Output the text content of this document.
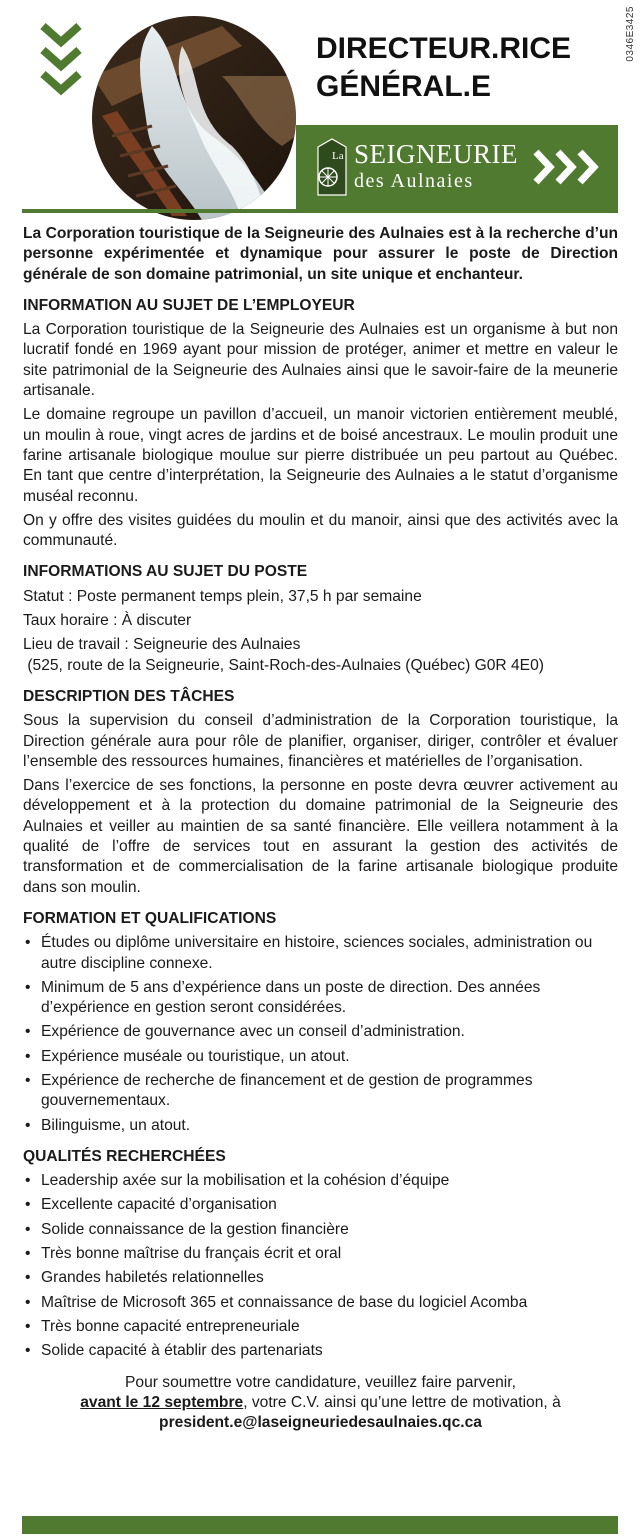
0346E3425
DIRECTEUR.RICE
GÉNÉRAL.E
La SEIGNEURIE
des Aulnaies

La Corporation touristique de la Seigneurie des Aulnaies est à la recherche d’un personne expérimentée et dynamique pour assurer le poste de Direction générale de son domaine patrimonial, un site unique et enchanteur.

INFORMATION AU SUJET DE L’EMPLOYEUR

La Corporation touristique de la Seigneurie des Aulnaies est un organisme à but non lucratif fondé en 1969 ayant pour mission de protéger, animer et mettre en valeur le site patrimonial de la Seigneurie des Aulnaies ainsi que le savoir-faire de la meunerie artisanale.

Le domaine regroupe un pavillon d’accueil, un manoir victorien entièrement meublé, un moulin à roue, vingt acres de jardins et de boisé ancestraux. Le moulin produit une farine artisanale biologique moulue sur pierre distribuée un peu partout au Québec. En tant que centre d’interprétation, la Seigneurie des Aulnaies a le statut d’organisme muséal reconnu.

On y offre des visites guidées du moulin et du manoir, ainsi que des activités avec la communauté.

INFORMATIONS AU SUJET DU POSTE
Statut : Poste permanent temps plein, 37,5 h par semaine
Taux horaire : À discuter
Lieu de travail : Seigneurie des Aulnaies
(525, route de la Seigneurie, Saint-Roch-des-Aulnaies (Québec) G0R 4E0)
DESCRIPTION DES TÂCHES

Sous la supervision du conseil d’administration de la Corporation touristique, la Direction générale aura pour rôle de planifier, organiser, diriger, contrôler et évaluer l’ensemble des ressources humaines, financières et matérielles de l’organisation.

Dans l’exercice de ses fonctions, la personne en poste devra œuvrer activement au développement et à la protection du domaine patrimonial de la Seigneurie des Aulnaies et veiller au maintien de sa santé financière. Elle veillera notamment à la qualité de l’offre de services tout en assurant la gestion des activités de transformation et de commercialisation de la farine artisanale biologique produite dans son moulin.

FORMATION ET QUALIFICATIONS
• Études ou diplôme universitaire en histoire, sciences sociales, administration ou autre discipline connexe.
• Minimum de 5 ans d’expérience dans un poste de direction. Des années d’expérience en gestion seront considérées.
• Expérience de gouvernance avec un conseil d’administration.
• Expérience muséale ou touristique, un atout.
• Expérience de recherche de financement et de gestion de programmes gouvernementaux.
• Bilinguisme, un atout.
QUALITÉS RECHERCHÉES
• Leadership axée sur la mobilisation et la cohésion d’équipe
• Excellente capacité d’organisation
• Solide connaissance de la gestion financière
• Très bonne maîtrise du français écrit et oral
• Grandes habiletés relationnelles
• Maîtrise de Microsoft 365 et connaissance de base du logiciel Acomba
• Très bonne capacité entrepreneuriale
• Solide capacité à établir des partenariats
Pour soumettre votre candidature, veuillez faire parvenir,
avant le 12 septembre, votre C.V. ainsi qu’une lettre de motivation, à
president.e@laseigneuriedesaulnaies.qc.ca
